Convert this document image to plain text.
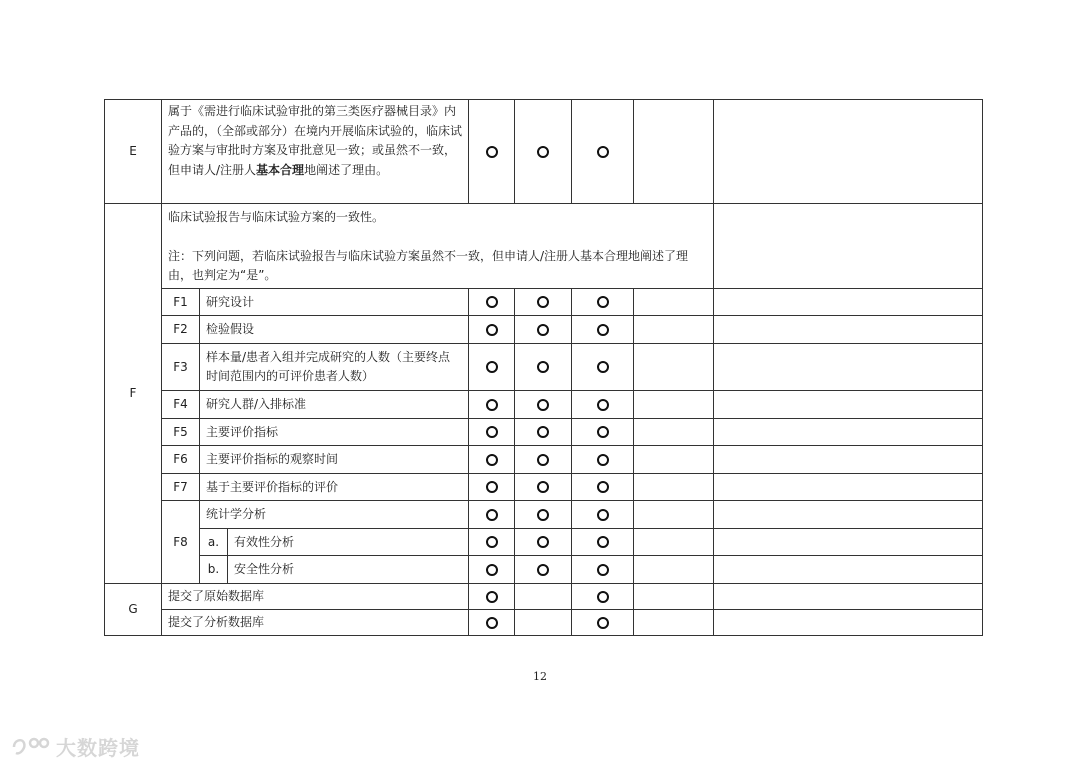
E
属于《需进行临床试验审批的第三类医疗器械目录》内产品的，（全部或部分）在境内开展临床试验的，临床试验方案与审批时方案及审批意见一致；或虽然不一致，但申请人/注册人基本合理地阐述了理由。
F

临床试验报告与临床试验方案的一致性。

注：下列问题，若临床试验报告与临床试验方案虽然不一致，但申请人/注册人基本合理地阐述了理由，也判定为“是”。

F1 研究设计
F2 检验假设
F3
样本量/患者入组并完成研究的人数（主要终点时间范围内的可评价患者人数）
F4 研究人群/入排标准
F5 主要评价指标
F6 主要评价指标的观察时间
F7 基于主要评价指标的评价
F8
统计学分析
a. 有效性分析
b. 安全性分析
G
提交了原始数据库
提交了分析数据库
12
大数跨境
